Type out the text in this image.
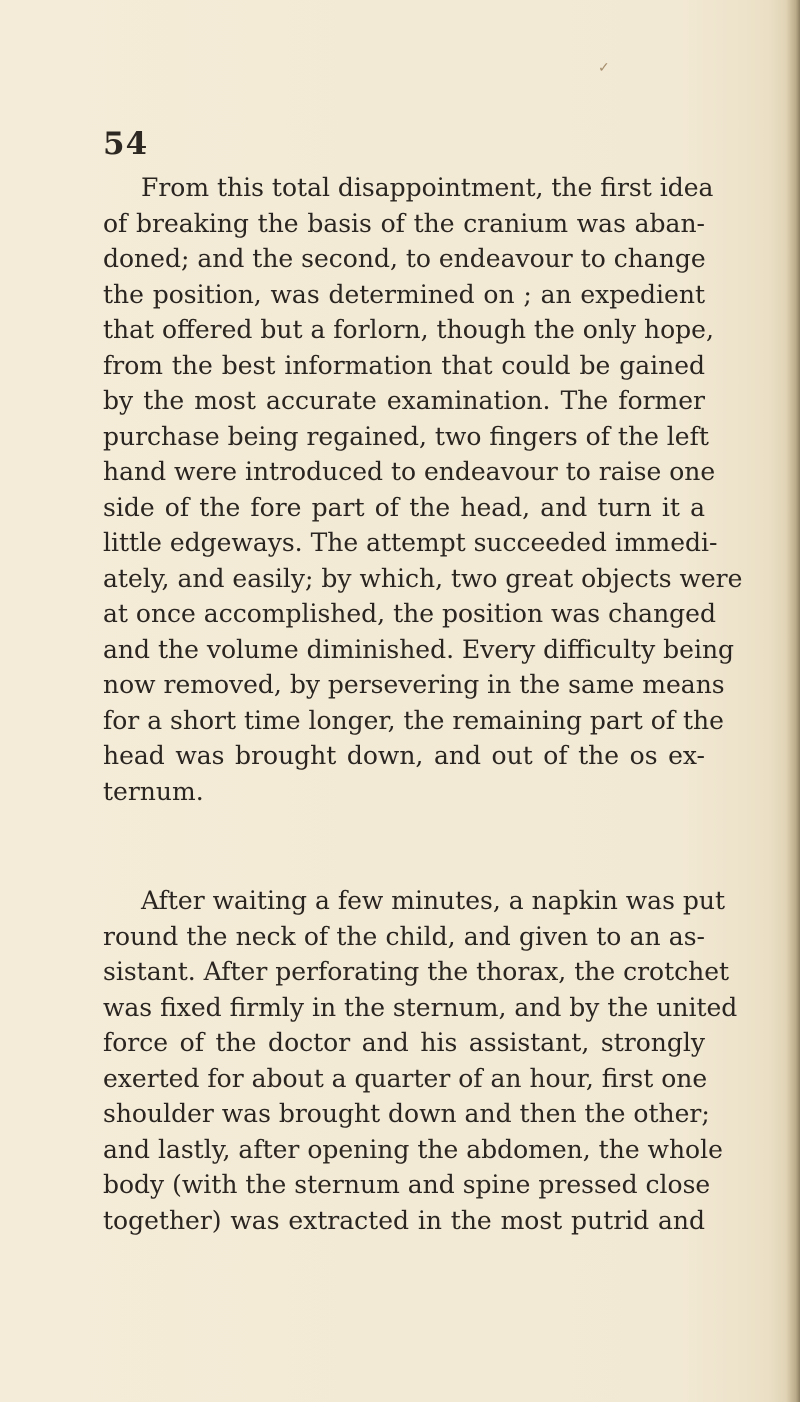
✓
54
From this total disappointment, the first idea
of breaking the basis of the cranium was aban-
doned; and the second, to endeavour to change
the position, was determined on ; an expedient
that offered but a forlorn, though the only hope,
from the best information that could be gained
by the most accurate examination. The former
purchase being regained, two fingers of the left
hand were introduced to endeavour to raise one
side of the fore part of the head, and turn it a
little edgeways. The attempt succeeded immedi-
ately, and easily; by which, two great objects were
at once accomplished, the position was changed
and the volume diminished. Every difficulty being
now removed, by persevering in the same means
for a short time longer, the remaining part of the
head was brought down, and out of the os ex-
ternum.
After waiting a few minutes, a napkin was put
round the neck of the child, and given to an as-
sistant. After perforating the thorax, the crotchet
was fixed firmly in the sternum, and by the united
force of the doctor and his assistant, strongly
exerted for about a quarter of an hour, first one
shoulder was brought down and then the other;
and lastly, after opening the abdomen, the whole
body (with the sternum and spine pressed close
together) was extracted in the most putrid and
